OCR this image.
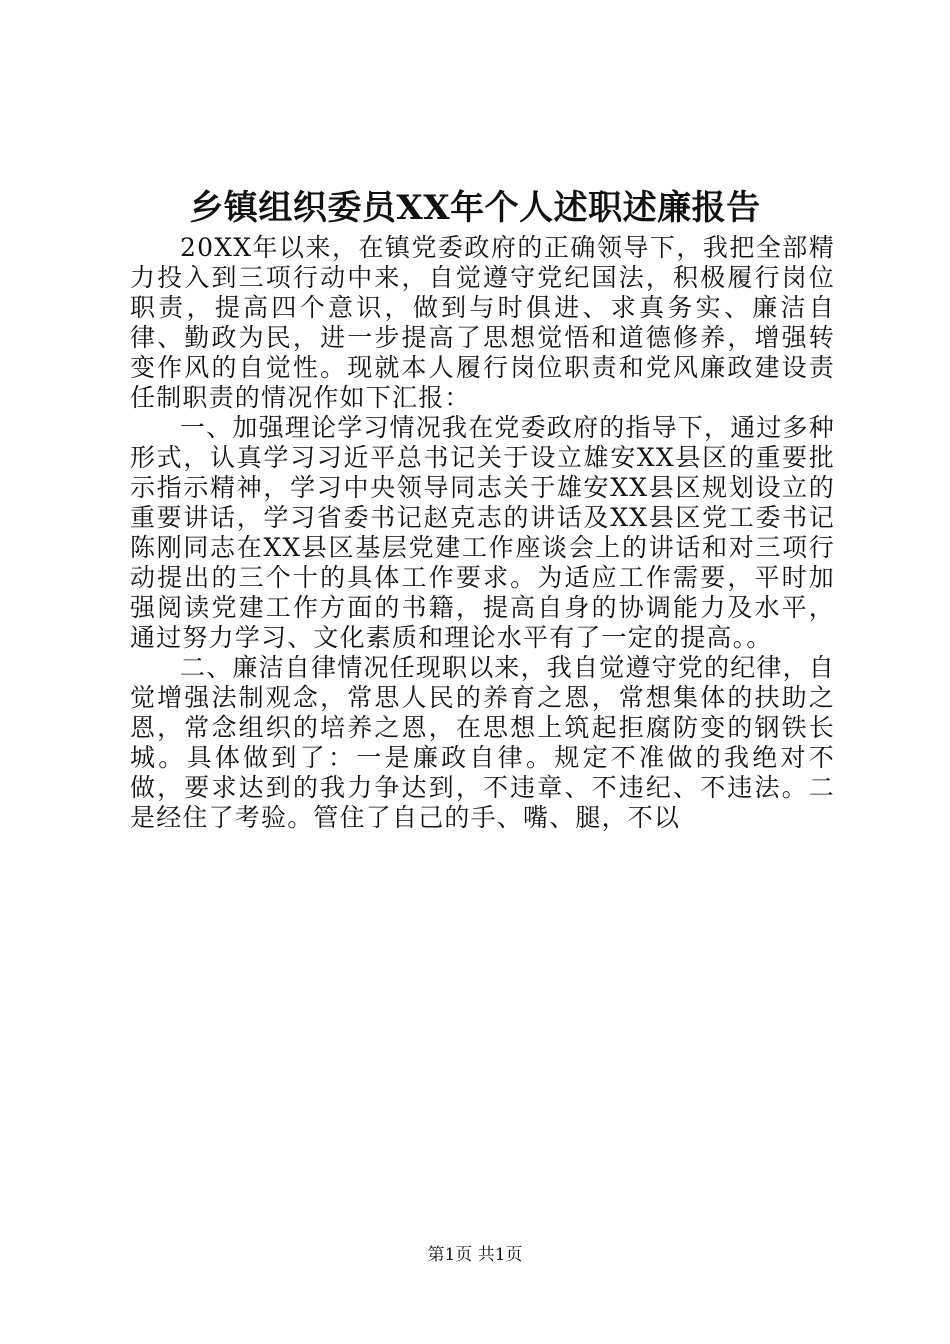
乡镇组织委员XX年个人述职述廉报告

20XX年以来，在镇党委政府的正确领导下，我把全部精力投入到三项行动中来，自觉遵守党纪国法，积极履行岗位职责，提高四个意识，做到与时俱进、求真务实、廉洁自律、勤政为民，进一步提高了思想觉悟和道德修养，增强转变作风的自觉性。现就本人履行岗位职责和党风廉政建设责任制职责的情况作如下汇报：

一、加强理论学习情况我在党委政府的指导下，通过多种形式，认真学习习近平总书记关于设立雄安XX县区的重要批示指示精神，学习中央领导同志关于雄安XX县区规划设立的重要讲话，学习省委书记赵克志的讲话及XX县区党工委书记陈刚同志在XX县区基层党建工作座谈会上的讲话和对三项行动提出的三个十的具体工作要求。为适应工作需要，平时加强阅读党建工作方面的书籍，提高自身的协调能力及水平，通过努力学习、文化素质和理论水平有了一定的提高。。

二、廉洁自律情况任现职以来，我自觉遵守党的纪律，自觉增强法制观念，常思人民的养育之恩，常想集体的扶助之恩，常念组织的培养之恩，在思想上筑起拒腐防变的钢铁长城。具体做到了：一是廉政自律。规定不准做的我绝对不做，要求达到的我力争达到，不违章、不违纪、不违法。二是经住了考验。管住了自己的手、嘴、腿，不以

第1页 共1页
